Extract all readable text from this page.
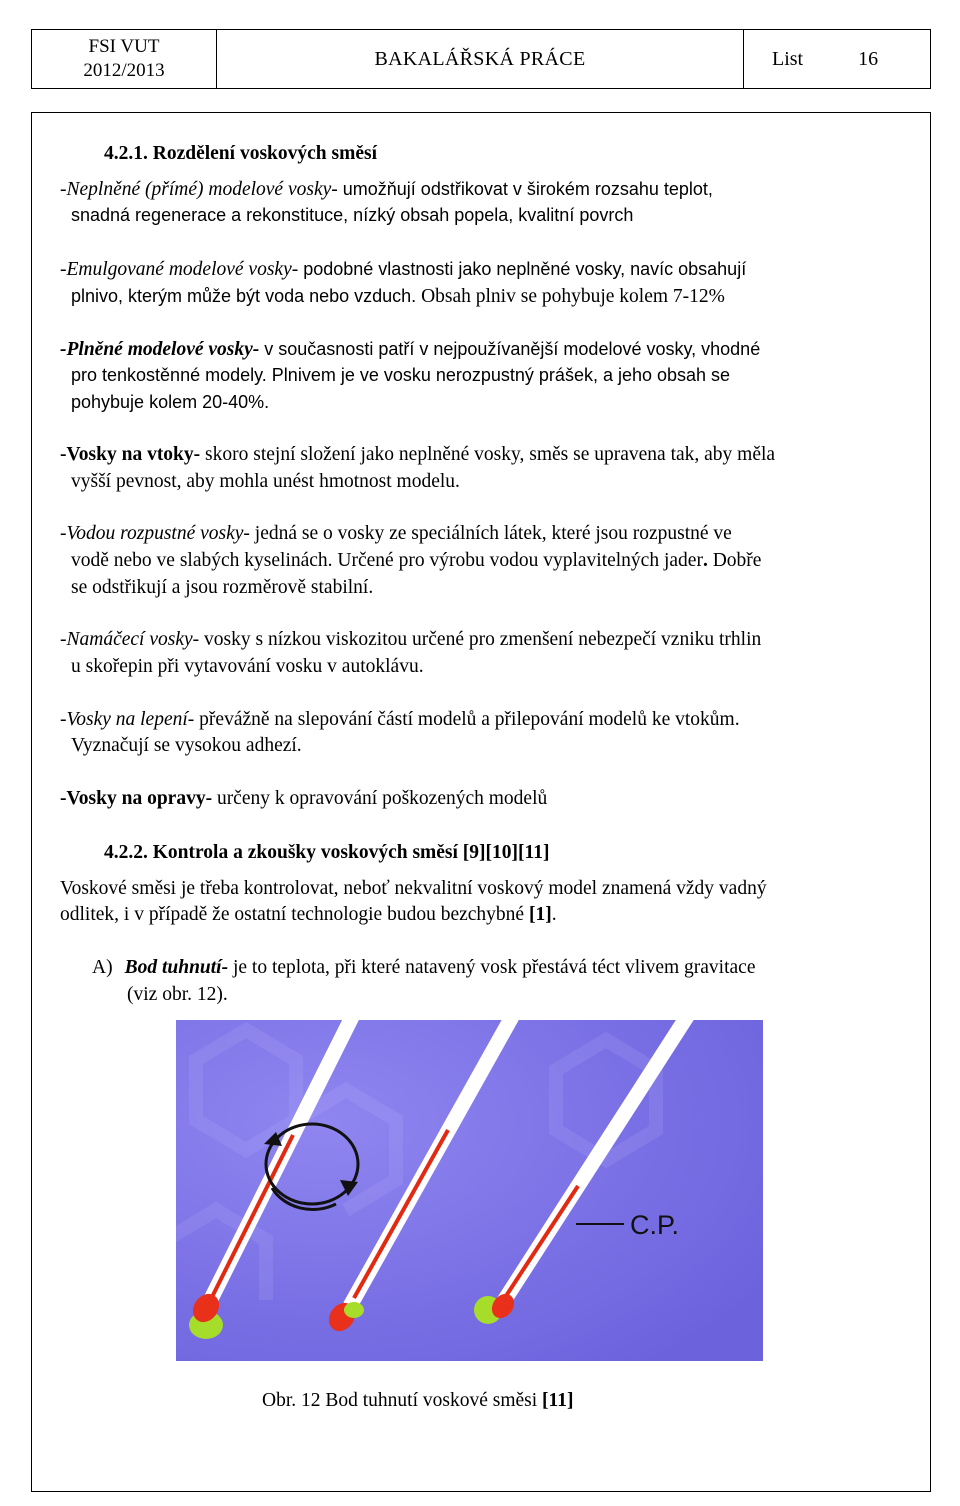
FSI VUT
2012/2013
BAKALÁŘSKÁ PRÁCE	List	16
4.2.1. Rozdělení voskových směsí
-Neplněné (přímé) modelové vosky- umožňují odstřikovat v širokém rozsahu teplot,
snadná regenerace a rekonstituce, nízký obsah popela, kvalitní povrch
-Emulgované modelové vosky- podobné vlastnosti jako neplněné vosky, navíc obsahují
plnivo, kterým může být voda nebo vzduch. Obsah plniv se pohybuje kolem 7-12%
-Plněné modelové vosky- v současnosti patří v nejpoužívanější modelové vosky, vhodné
pro tenkostěnné modely. Plnivem je ve vosku nerozpustný prášek, a jeho obsah se
pohybuje kolem 20-40%.
-Vosky na vtoky- skoro stejní složení jako neplněné vosky, směs se upravena tak, aby měla
vyšší pevnost, aby mohla unést hmotnost modelu.
-Vodou rozpustné vosky- jedná se o vosky ze speciálních látek, které jsou rozpustné ve
vodě nebo ve slabých kyselinách. Určené pro výrobu vodou vyplavitelných jader. Dobře
se odstřikují a jsou rozměrově stabilní.
-Namáčecí vosky- vosky s nízkou viskozitou určené pro zmenšení nebezpečí vzniku trhlin
u skořepin při vytavování vosku v autoklávu.
-Vosky na lepení- převážně na slepování částí modelů a přilepování modelů ke vtokům.
Vyznačují se vysokou adhezí.
-Vosky na opravy- určeny k opravování poškozených modelů
4.2.2. Kontrola a zkoušky voskových směsí [9][10][11]
Voskové směsi je třeba kontrolovat, neboť nekvalitní voskový model znamená vždy vadný
odlitek, i v případě že ostatní technologie budou bezchybné [1].
A) Bod tuhnutí- je to teplota, při které natavený vosk přestává téct vlivem gravitace
(viz obr. 12).
C.P.
Obr. 12 Bod tuhnutí voskové směsi [11]
